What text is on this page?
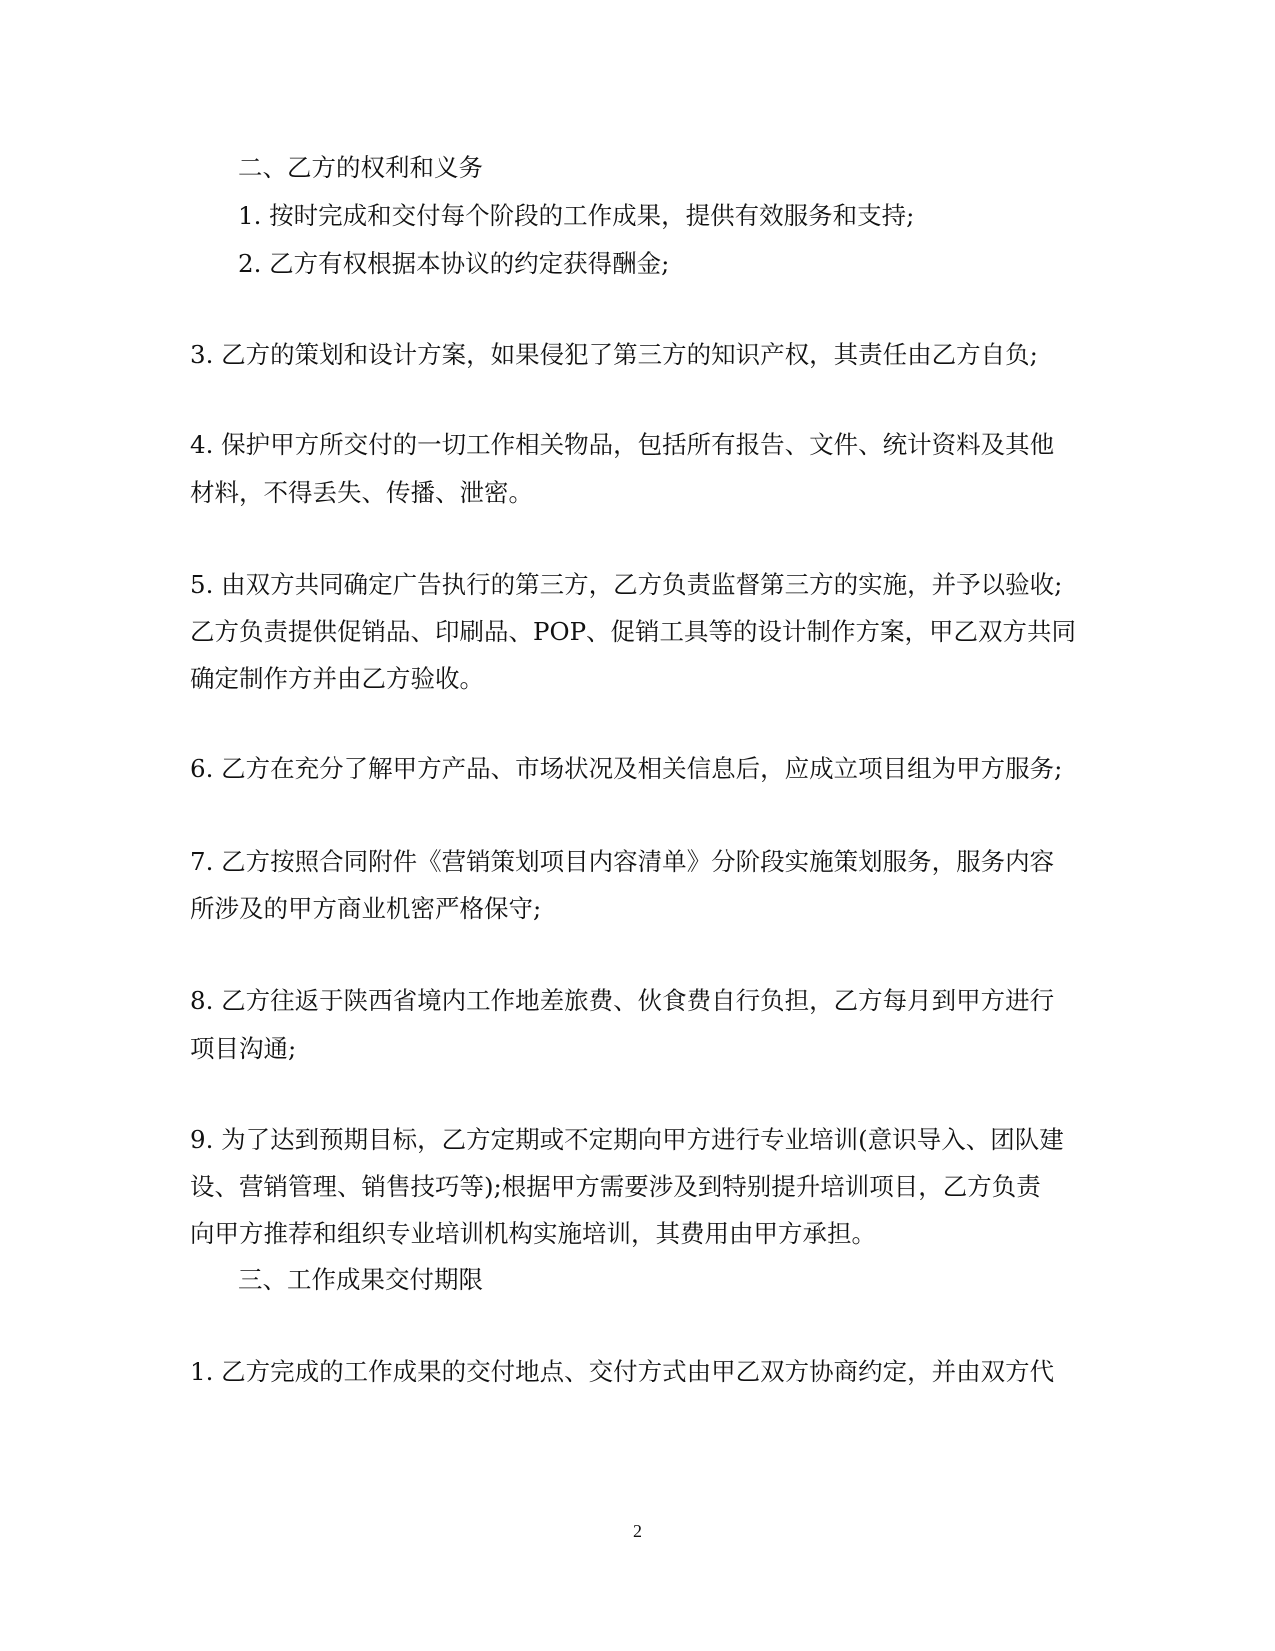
二、乙方的权利和义务
1. 按时完成和交付每个阶段的工作成果，提供有效服务和支持;
2. 乙方有权根据本协议的约定获得酬金;
3. 乙方的策划和设计方案，如果侵犯了第三方的知识产权，其责任由乙方自负;
4. 保护甲方所交付的一切工作相关物品，包括所有报告、文件、统计资料及其他
材料，不得丢失、传播、泄密。
5. 由双方共同确定广告执行的第三方，乙方负责监督第三方的实施，并予以验收;
乙方负责提供促销品、印刷品、POP、促销工具等的设计制作方案，甲乙双方共同
确定制作方并由乙方验收。
6. 乙方在充分了解甲方产品、市场状况及相关信息后，应成立项目组为甲方服务;
7. 乙方按照合同附件《营销策划项目内容清单》分阶段实施策划服务，服务内容
所涉及的甲方商业机密严格保守;
8. 乙方往返于陕西省境内工作地差旅费、伙食费自行负担，乙方每月到甲方进行
项目沟通;
9. 为了达到预期目标，乙方定期或不定期向甲方进行专业培训(意识导入、团队建
设、营销管理、销售技巧等);根据甲方需要涉及到特别提升培训项目，乙方负责
向甲方推荐和组织专业培训机构实施培训，其费用由甲方承担。
三、工作成果交付期限
1. 乙方完成的工作成果的交付地点、交付方式由甲乙双方协商约定，并由双方代
2
